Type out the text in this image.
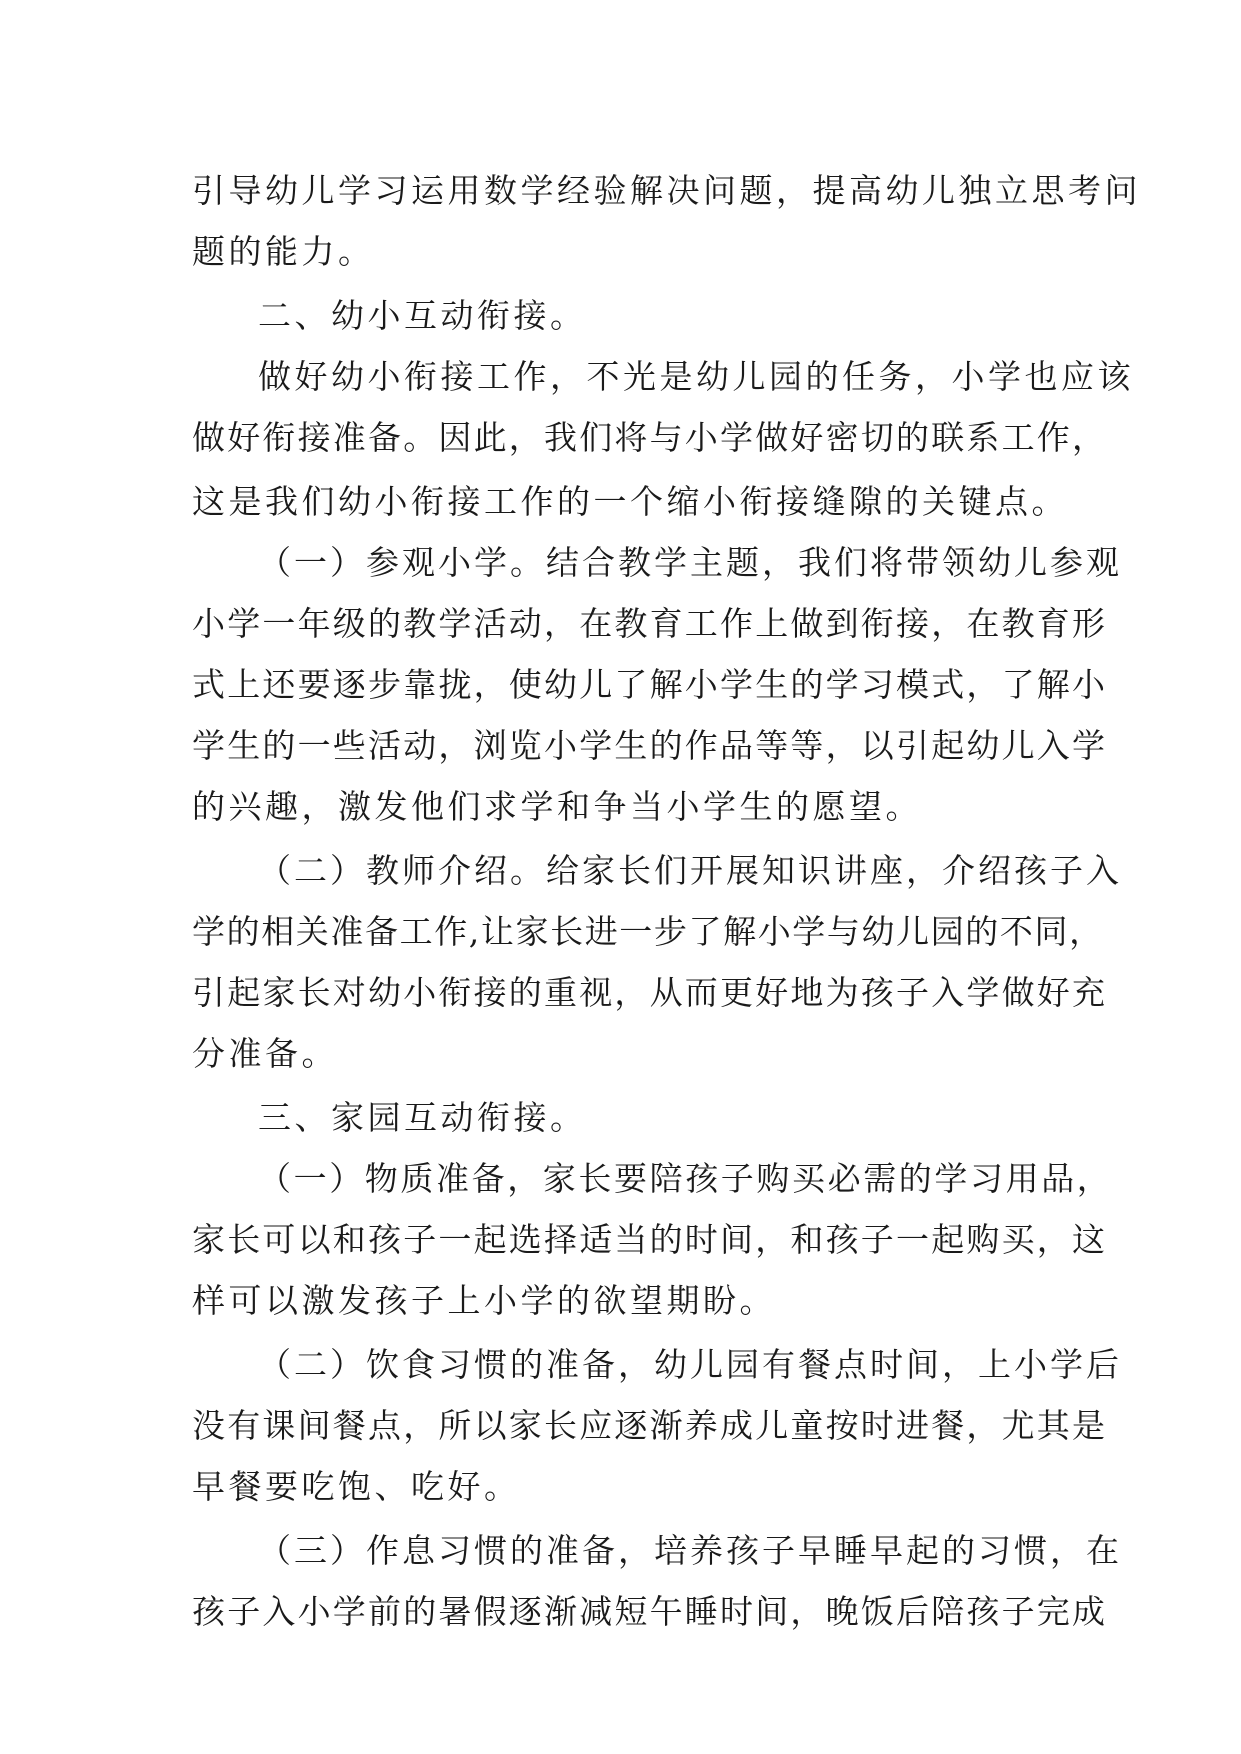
引导幼儿学习运用数学经验解决问题，提高幼儿独立思考问
题的能力。
二、幼小互动衔接。
做好幼小衔接工作，不光是幼儿园的任务，小学也应该
做好衔接准备。因此，我们将与小学做好密切的联系工作，
这是我们幼小衔接工作的一个缩小衔接缝隙的关键点。
（一）参观小学。结合教学主题，我们将带领幼儿参观
小学一年级的教学活动，在教育工作上做到衔接，在教育形
式上还要逐步靠拢，使幼儿了解小学生的学习模式，了解小
学生的一些活动，浏览小学生的作品等等，以引起幼儿入学
的兴趣，激发他们求学和争当小学生的愿望。
（二）教师介绍。给家长们开展知识讲座，介绍孩子入
学的相关准备工作,让家长进一步了解小学与幼儿园的不同，
引起家长对幼小衔接的重视，从而更好地为孩子入学做好充
分准备。
三、家园互动衔接。
（一）物质准备，家长要陪孩子购买必需的学习用品，
家长可以和孩子一起选择适当的时间，和孩子一起购买，这
样可以激发孩子上小学的欲望期盼。
（二）饮食习惯的准备，幼儿园有餐点时间，上小学后
没有课间餐点，所以家长应逐渐养成儿童按时进餐，尤其是
早餐要吃饱、吃好。
（三）作息习惯的准备，培养孩子早睡早起的习惯，在
孩子入小学前的暑假逐渐减短午睡时间，晚饭后陪孩子完成
